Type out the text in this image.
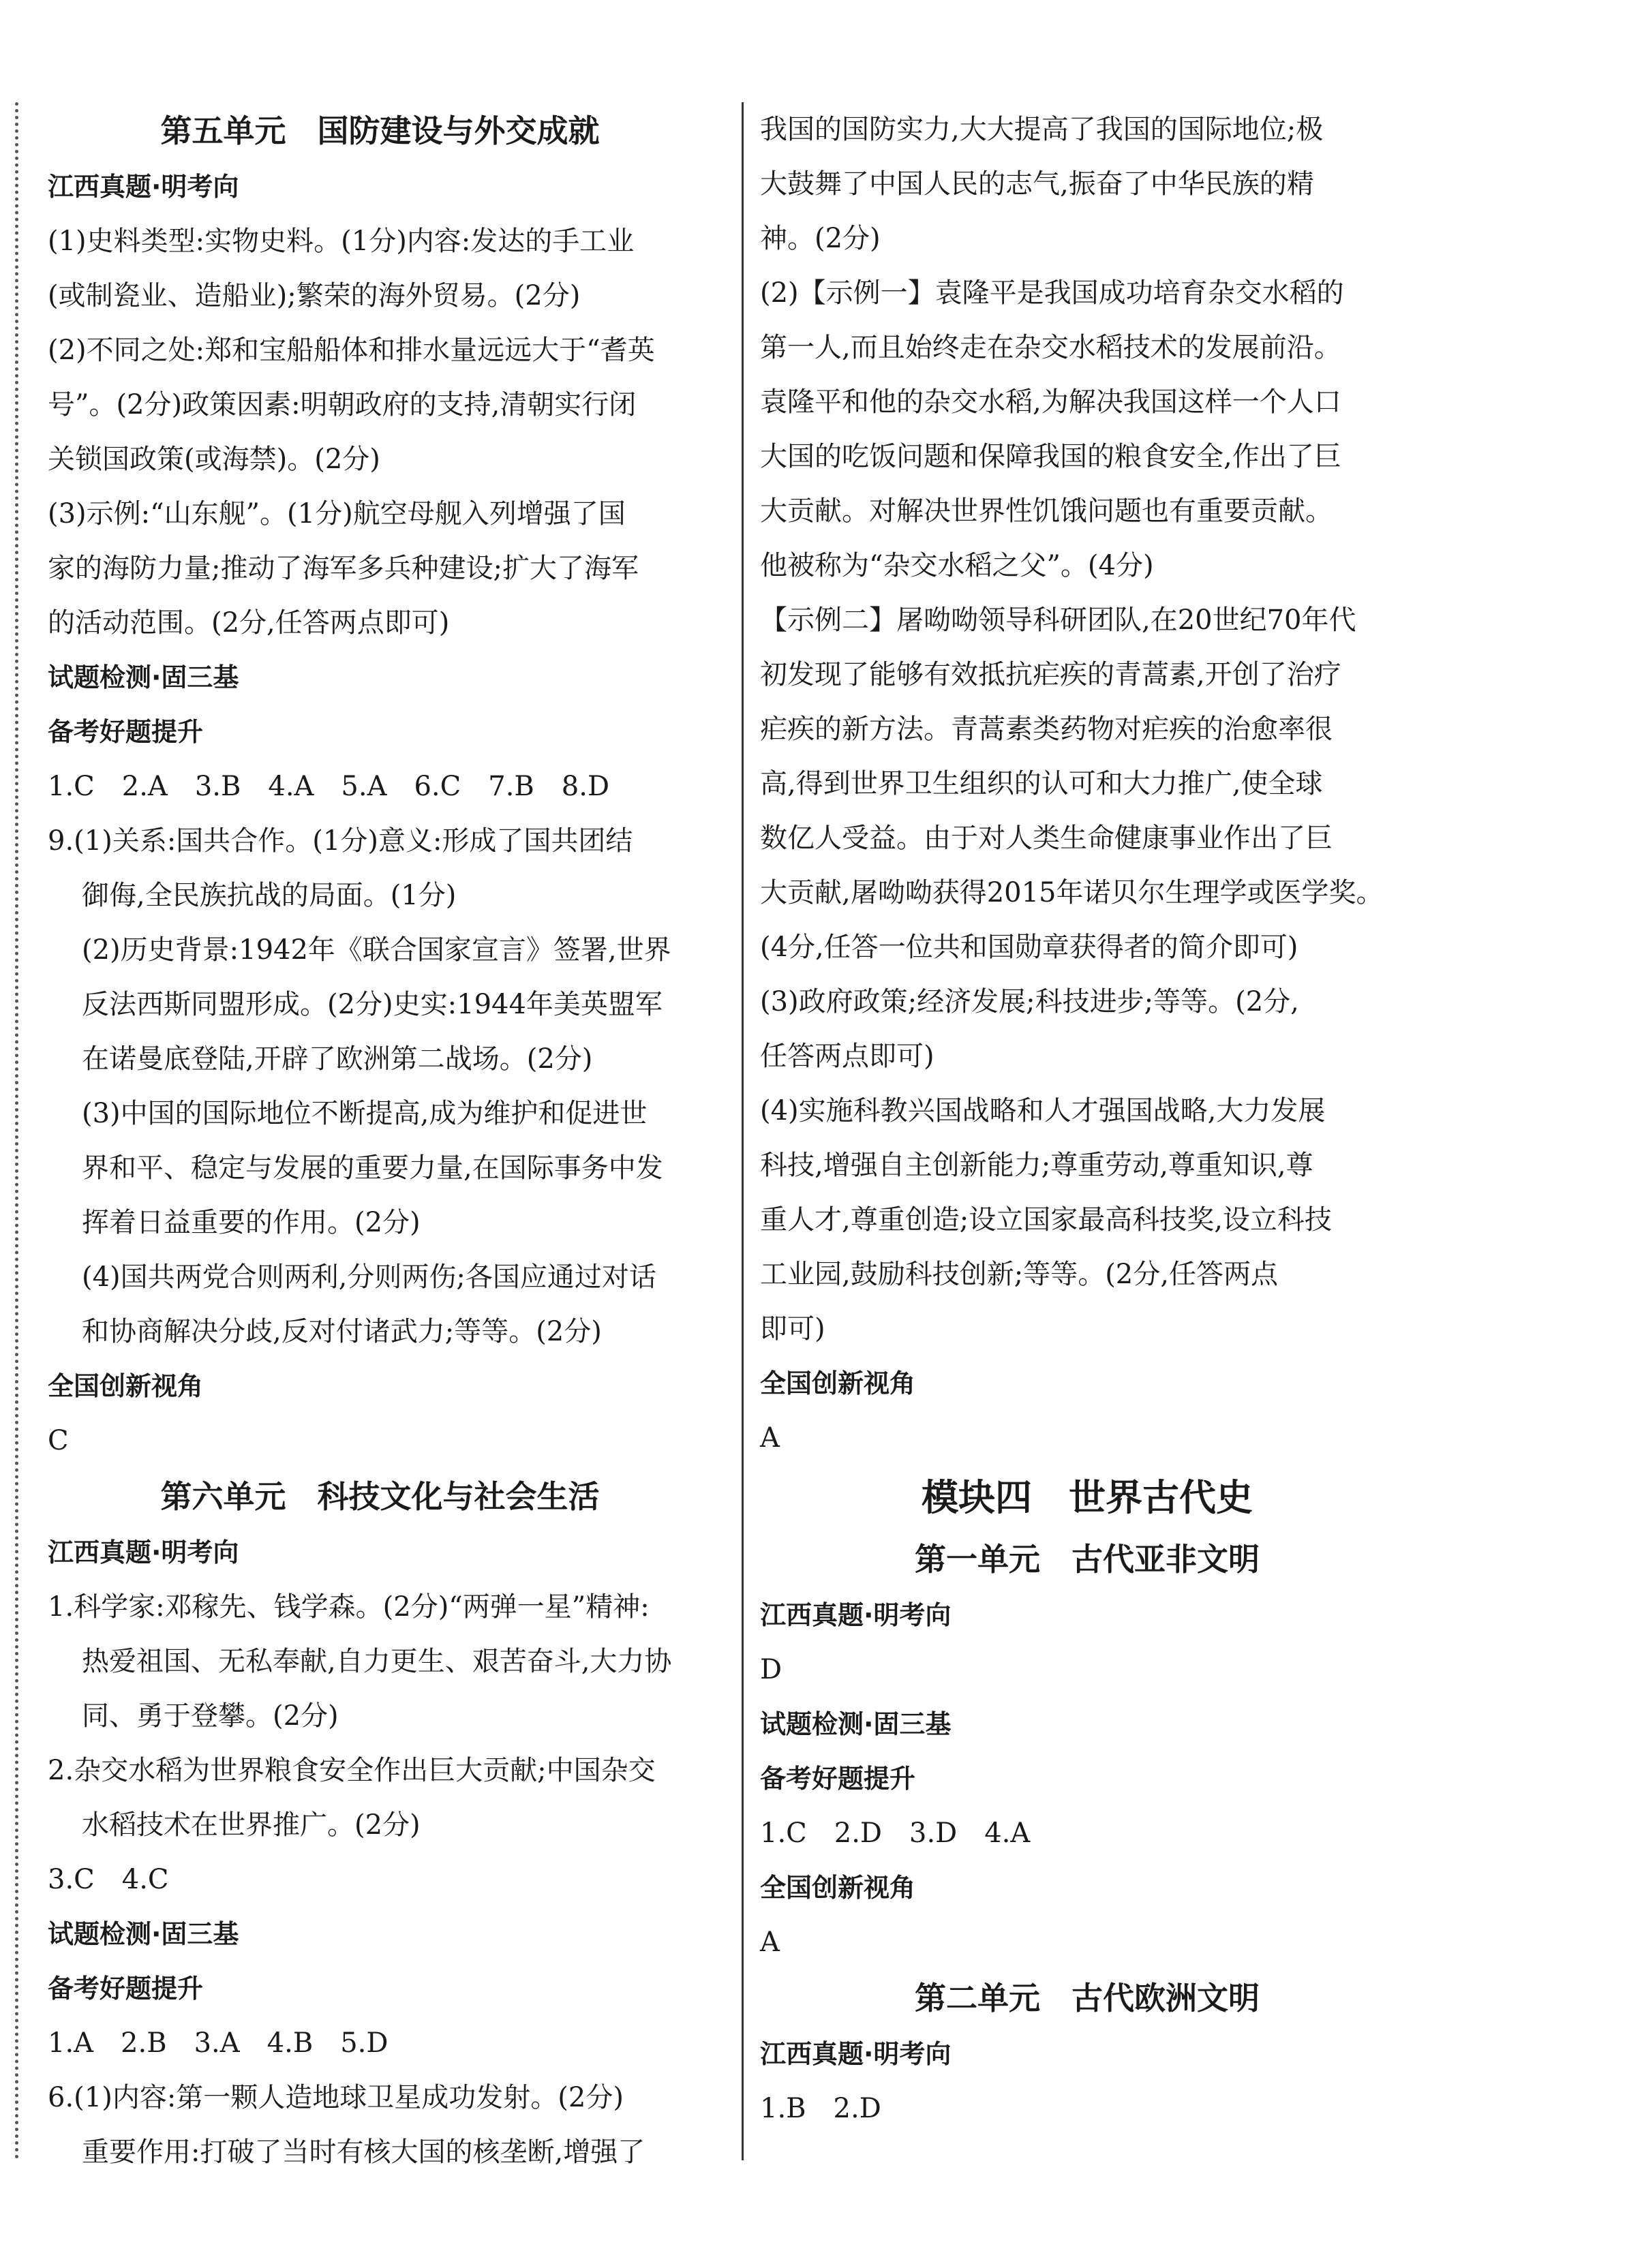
第五单元　国防建设与外交成就
江西真题·明考向
(1)史料类型:实物史料。(1分)内容:发达的手工业
(或制瓷业、造船业);繁荣的海外贸易。(2分)
(2)不同之处:郑和宝船船体和排水量远远大于“耆英
号”。(2分)政策因素:明朝政府的支持,清朝实行闭
关锁国政策(或海禁)。(2分)
(3)示例:“山东舰”。(1分)航空母舰入列增强了国
家的海防力量;推动了海军多兵种建设;扩大了海军
的活动范围。(2分,任答两点即可)
试题检测·固三基
备考好题提升
1.C　2.A　3.B　4.A　5.A　6.C　7.B　8.D
9.(1)关系:国共合作。(1分)意义:形成了国共团结
御侮,全民族抗战的局面。(1分)
(2)历史背景:1942年《联合国家宣言》签署,世界
反法西斯同盟形成。(2分)史实:1944年美英盟军
在诺曼底登陆,开辟了欧洲第二战场。(2分)
(3)中国的国际地位不断提高,成为维护和促进世
界和平、稳定与发展的重要力量,在国际事务中发
挥着日益重要的作用。(2分)
(4)国共两党合则两利,分则两伤;各国应通过对话
和协商解决分歧,反对付诸武力;等等。(2分)
全国创新视角
C
第六单元　科技文化与社会生活
江西真题·明考向
1.科学家:邓稼先、钱学森。(2分)“两弹一星”精神:
热爱祖国、无私奉献,自力更生、艰苦奋斗,大力协
同、勇于登攀。(2分)
2.杂交水稻为世界粮食安全作出巨大贡献;中国杂交
水稻技术在世界推广。(2分)
3.C　4.C
试题检测·固三基
备考好题提升
1.A　2.B　3.A　4.B　5.D
6.(1)内容:第一颗人造地球卫星成功发射。(2分)
重要作用:打破了当时有核大国的核垄断,增强了
我国的国防实力,大大提高了我国的国际地位;极
大鼓舞了中国人民的志气,振奋了中华民族的精
神。(2分)
(2)【示例一】袁隆平是我国成功培育杂交水稻的
第一人,而且始终走在杂交水稻技术的发展前沿。
袁隆平和他的杂交水稻,为解决我国这样一个人口
大国的吃饭问题和保障我国的粮食安全,作出了巨
大贡献。对解决世界性饥饿问题也有重要贡献。
他被称为“杂交水稻之父”。(4分)
【示例二】屠呦呦领导科研团队,在20世纪70年代
初发现了能够有效抵抗疟疾的青蒿素,开创了治疗
疟疾的新方法。青蒿素类药物对疟疾的治愈率很
高,得到世界卫生组织的认可和大力推广,使全球
数亿人受益。由于对人类生命健康事业作出了巨
大贡献,屠呦呦获得2015年诺贝尔生理学或医学奖。
(4分,任答一位共和国勋章获得者的简介即可)
(3)政府政策;经济发展;科技进步;等等。(2分,
任答两点即可)
(4)实施科教兴国战略和人才强国战略,大力发展
科技,增强自主创新能力;尊重劳动,尊重知识,尊
重人才,尊重创造;设立国家最高科技奖,设立科技
工业园,鼓励科技创新;等等。(2分,任答两点
即可)
全国创新视角
A
模块四　世界古代史
第一单元　古代亚非文明
江西真题·明考向
D
试题检测·固三基
备考好题提升
1.C　2.D　3.D　4.A
全国创新视角
A
第二单元　古代欧洲文明
江西真题·明考向
1.B　2.D
